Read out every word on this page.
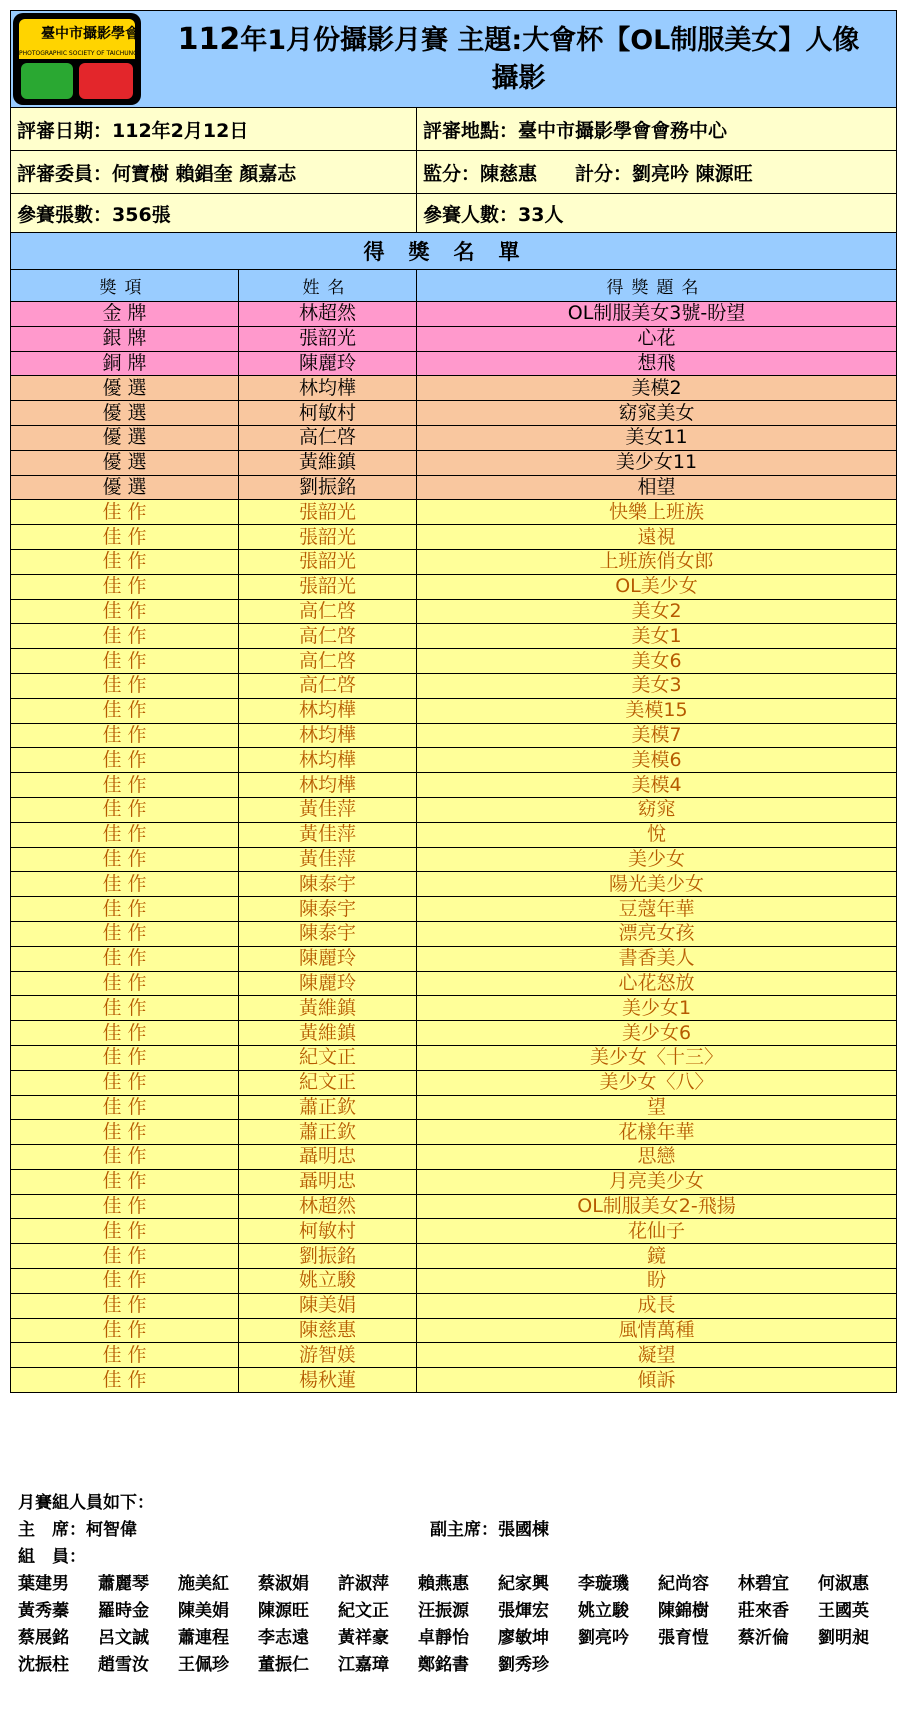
臺中市攝影學會
PHOTOGRAPHIC SOCIETY OF TAICHUNG 112年1月份攝影月賽 主題:大會杯【OL制服美女】人像
攝影		

評審日期：112年2月12日		評審地點：臺中市攝影學會會務中心
評審委員：何寶樹 賴錩奎 顏嘉志		監分：陳慈惠　　計分：劉亮吟 陳源旺
參賽張數：356張		參賽人數：33人
得獎名單		
獎項	姓名	得獎題名
金 牌	林超然	OL制服美女3號-盼望
銀 牌	張韶光	心花
銅 牌	陳麗玲	想飛
優 選	林均樺	美模2
優 選	柯敏村	窈窕美女
優 選	高仁啓	美女11
優 選	黃維鎮	美少女11
優 選	劉振銘	相望
佳 作	張韶光	快樂上班族
佳 作	張韶光	遠視
佳 作	張韶光	上班族俏女郎
佳 作	張韶光	OL美少女
佳 作	高仁啓	美女2
佳 作	高仁啓	美女1
佳 作	高仁啓	美女6
佳 作	高仁啓	美女3
佳 作	林均樺	美模15
佳 作	林均樺	美模7
佳 作	林均樺	美模6
佳 作	林均樺	美模4
佳 作	黃佳萍	窈窕
佳 作	黃佳萍	悅
佳 作	黃佳萍	美少女
佳 作	陳泰宇	陽光美少女
佳 作	陳泰宇	豆蔻年華
佳 作	陳泰宇	漂亮女孩
佳 作	陳麗玲	書香美人
佳 作	陳麗玲	心花怒放
佳 作	黃維鎮	美少女1
佳 作	黃維鎮	美少女6
佳 作	紀文正	美少女〈十三〉
佳 作	紀文正	美少女〈八〉
佳 作	蕭正欽	望
佳 作	蕭正欽	花樣年華
佳 作	聶明忠	思戀
佳 作	聶明忠	月亮美少女
佳 作	林超然	OL制服美女2-飛揚
佳 作	柯敏村	花仙子
佳 作	劉振銘	鏡
佳 作	姚立駿	盼
佳 作	陳美娟	成長
佳 作	陳慈惠	風情萬種
佳 作	游智媄	凝望
佳 作	楊秋蓮	傾訴
月賽組人員如下：
主　席：柯智偉	副主席：張國棟
組　員：
葉建男 蕭麗琴 施美紅 蔡淑娟 許淑萍 賴燕惠 紀家興 李璇璣 紀尚容 林碧宜 何淑惠
黃秀蓁 羅時金 陳美娟 陳源旺 紀文正 汪振源 張煇宏 姚立駿 陳錦樹 莊來香 王國英
蔡展銘 呂文誠 蕭連程 李志遠 黃祥豪 卓靜怡 廖敏坤 劉亮吟 張育愷 蔡沂倫 劉明昶
沈振柱 趙雪汝 王佩珍 董振仁 江嘉璋 鄭銘書 劉秀珍
